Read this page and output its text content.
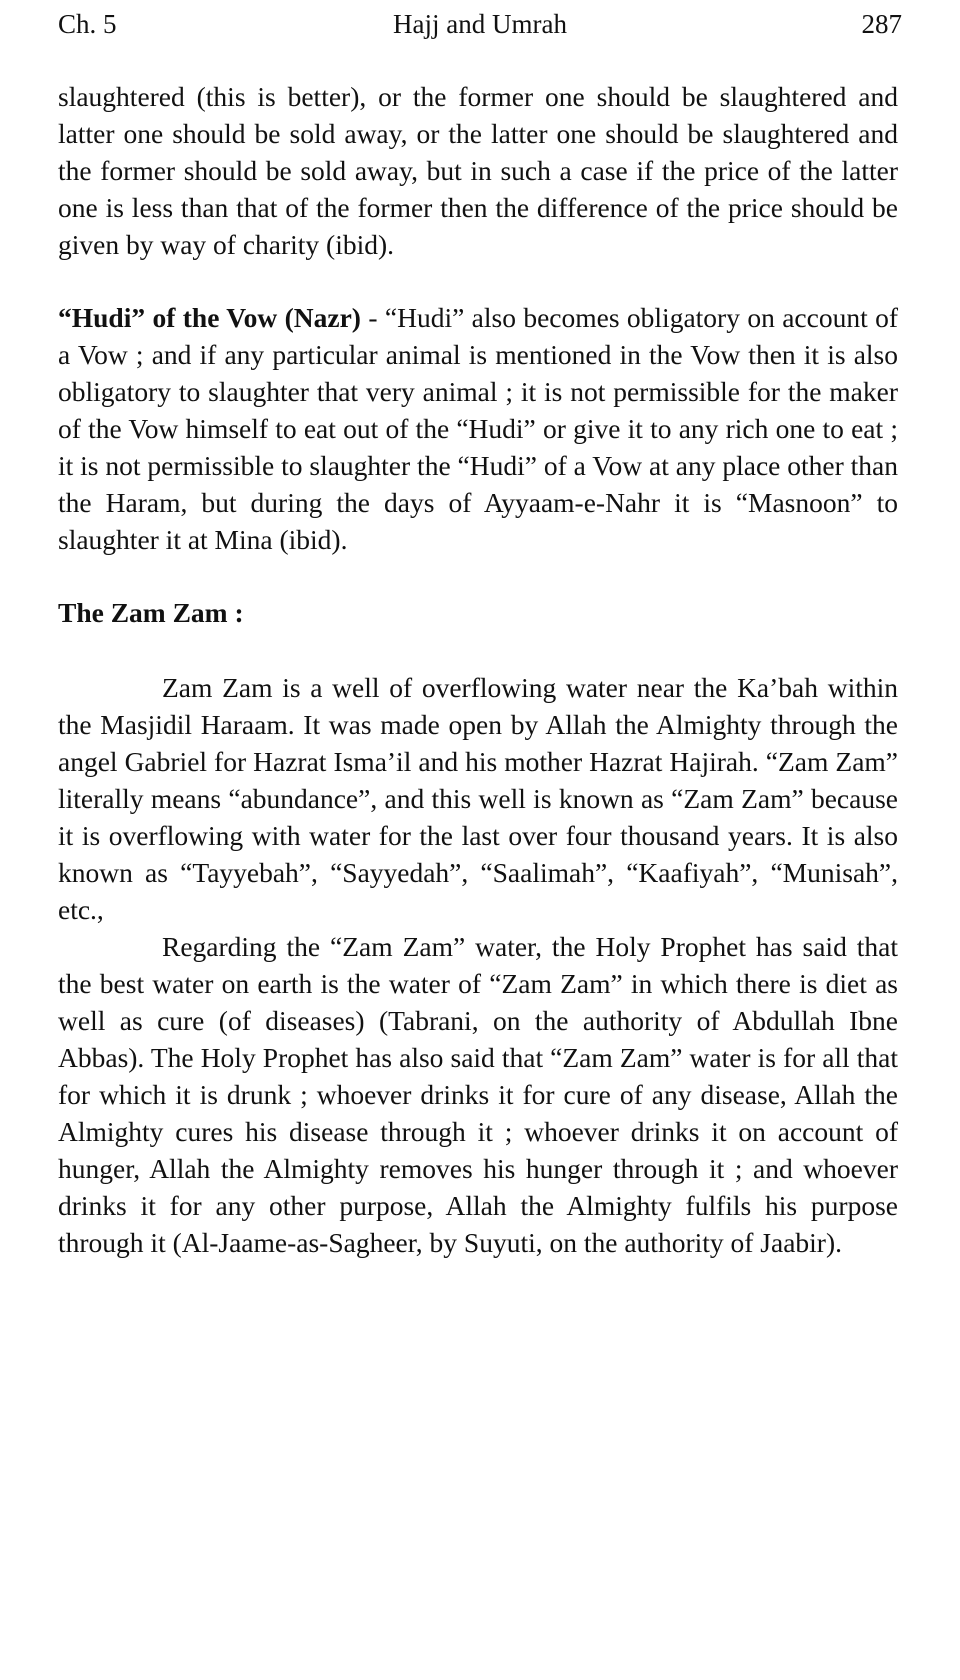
Ch. 5	Hajj and Umrah	287

slaughtered (this is better), or the former one should be slaughtered and latter one should be sold away, or the latter one should be slaughtered and the former should be sold away, but in such a case if the price of the latter one is less than that of the former then the difference of the price should be given by way of charity (ibid).

“Hudi” of the Vow (Nazr) - “Hudi” also becomes obligatory on account of a Vow ; and if any particular animal is mentioned in the Vow then it is also obligatory to slaughter that very animal ; it is not permissible for the maker of the Vow himself to eat out of the “Hudi” or give it to any rich one to eat ; it is not permissible to slaughter the “Hudi” of a Vow at any place other than the Haram, but during the days of Ayyaam-e-Nahr it is “Masnoon” to slaughter it at Mina (ibid).

The Zam Zam :

Zam Zam is a well of overflowing water near the Ka’bah within the Masjidil Haraam. It was made open by Allah the Almighty through the angel Gabriel for Hazrat Isma’il and his mother Hazrat Hajirah. “Zam Zam” literally means “abundance”, and this well is known as “Zam Zam” because it is overflowing with water for the last over four thousand years. It is also known as “Tayyebah”, “Sayyedah”, “Saalimah”, “Kaafiyah”, “Munisah”, etc.,

Regarding the “Zam Zam” water, the Holy Prophet has said that the best water on earth is the water of “Zam Zam” in which there is diet as well as cure (of diseases) (Tabrani, on the authority of Abdullah Ibne Abbas). The Holy Prophet has also said that “Zam Zam” water is for all that for which it is drunk ; whoever drinks it for cure of any disease, Allah the Almighty cures his disease through it ; whoever drinks it on account of hunger, Allah the Almighty removes his hunger through it ; and whoever drinks it for any other purpose, Allah the Almighty fulfils his purpose through it (Al-Jaame-as-Sagheer, by Suyuti, on the authority of Jaabir).
